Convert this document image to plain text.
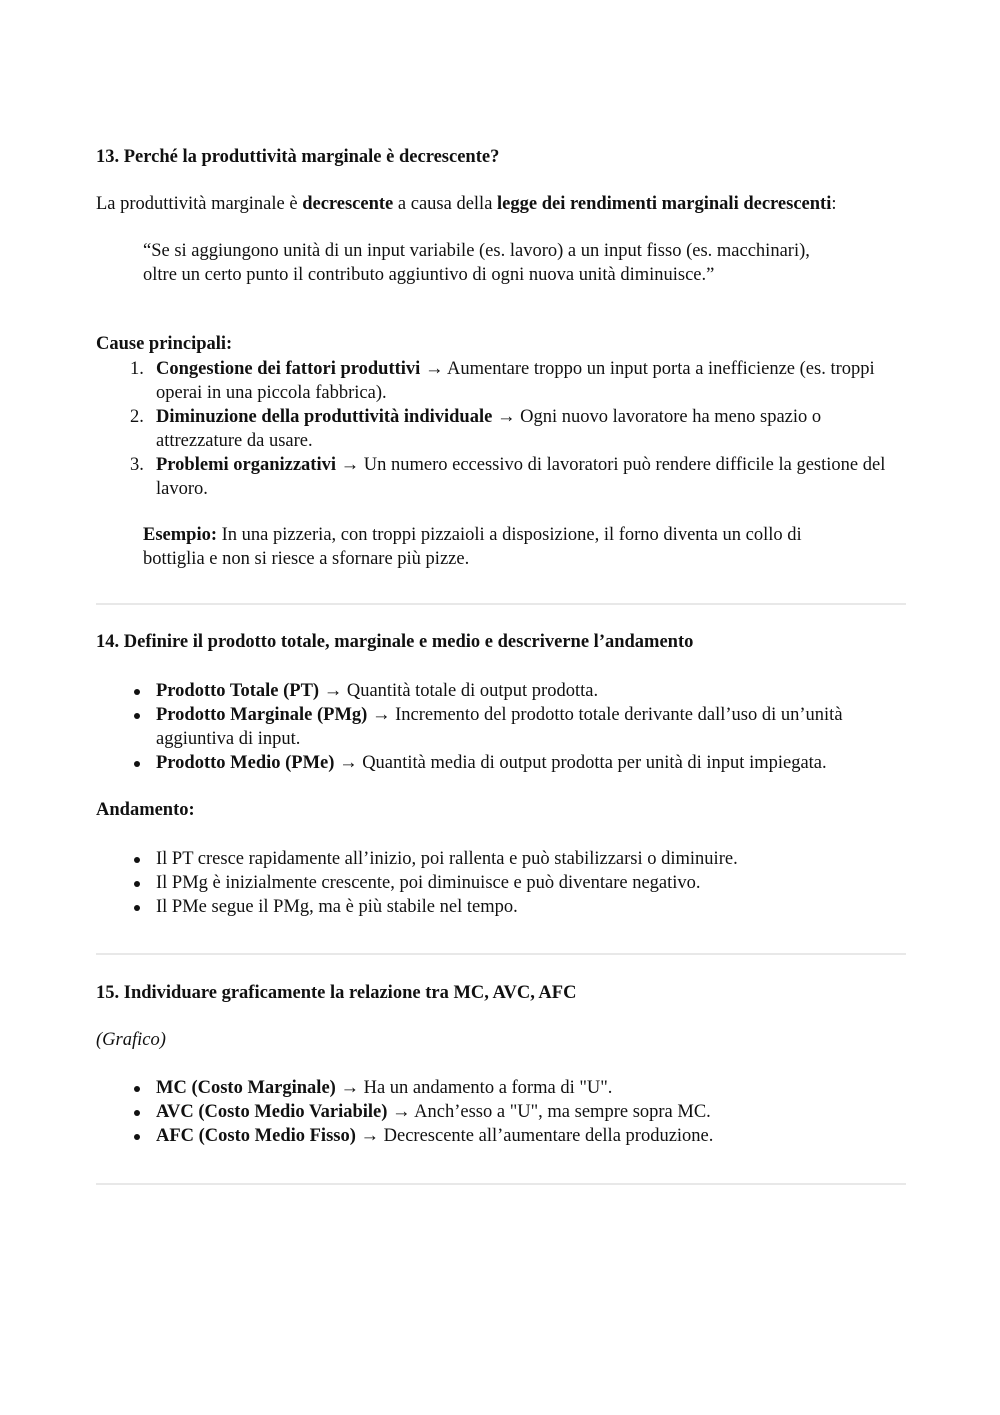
13. Perché la produttività marginale è decrescente?
La produttività marginale è decrescente a causa della legge dei rendimenti marginali decrescenti:
“Se si aggiungono unità di un input variabile (es. lavoro) a un input fisso (es. macchinari), oltre un certo punto il contributo aggiuntivo di ogni nuova unità diminuisce.”
Cause principali:
1. Congestione dei fattori produttivi → Aumentare troppo un input porta a inefficienze (es. troppi operai in una piccola fabbrica).
2. Diminuzione della produttività individuale → Ogni nuovo lavoratore ha meno spazio o attrezzature da usare.
3. Problemi organizzativi → Un numero eccessivo di lavoratori può rendere difficile la gestione del lavoro.
Esempio: In una pizzeria, con troppi pizzaioli a disposizione, il forno diventa un collo di bottiglia e non si riesce a sfornare più pizze.
14. Definire il prodotto totale, marginale e medio e descriverne l’andamento
Prodotto Totale (PT) → Quantità totale di output prodotta.
Prodotto Marginale (PMg) → Incremento del prodotto totale derivante dall’uso di un’unità aggiuntiva di input.
Prodotto Medio (PMe) → Quantità media di output prodotta per unità di input impiegata.
Andamento:
Il PT cresce rapidamente all’inizio, poi rallenta e può stabilizzarsi o diminuire.
Il PMg è inizialmente crescente, poi diminuisce e può diventare negativo.
Il PMe segue il PMg, ma è più stabile nel tempo.
15. Individuare graficamente la relazione tra MC, AVC, AFC
(Grafico)
MC (Costo Marginale) → Ha un andamento a forma di "U".
AVC (Costo Medio Variabile) → Anch’esso a "U", ma sempre sopra MC.
AFC (Costo Medio Fisso) → Decrescente all’aumentare della produzione.
